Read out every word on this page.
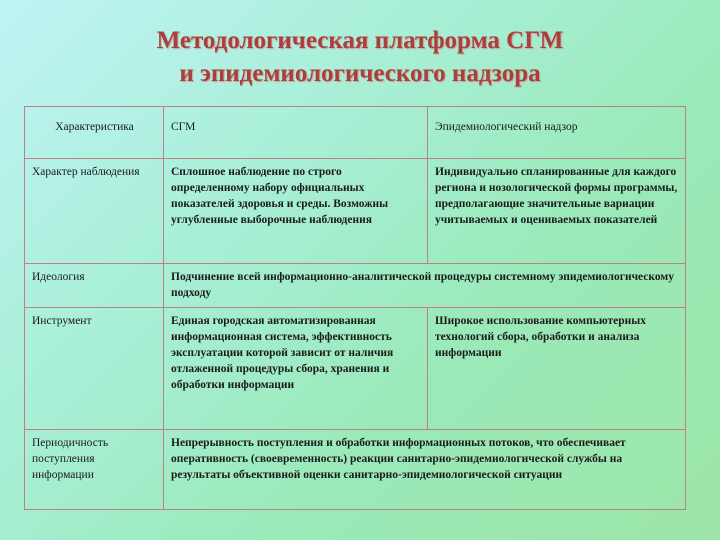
Методологическая платформа СГМ
и эпидемиологического надзора
Характеристика	СГМ	Эпидемиологический надзор
Характер наблюдения	Сплошное наблюдение по строго определенному набору официальных показателей здоровья и среды. Возможны углубленные выборочные наблюдения	Индивидуально спланированные для каждого региона и нозологической формы программы, предполагающие значительные вариации учитываемых и оцениваемых показателей
Идеология	Подчинение всей информационно-аналитической процедуры системному эпидемиологическому подходу	
Инструмент	Единая городская автоматизированная информационная система, эффективность эксплуатации которой зависит от наличия отлаженной процедуры сбора, хранения и обработки информации	Широкое использование компьютерных технологий сбора, обработки и анализа информации
Периодичность поступления информации	Непрерывность поступления и обработки информационных потоков, что обеспечивает оперативность (своевременность) реакции санитарно-эпидемиологической службы на результаты объективной оценки санитарно-эпидемиологической ситуации	
